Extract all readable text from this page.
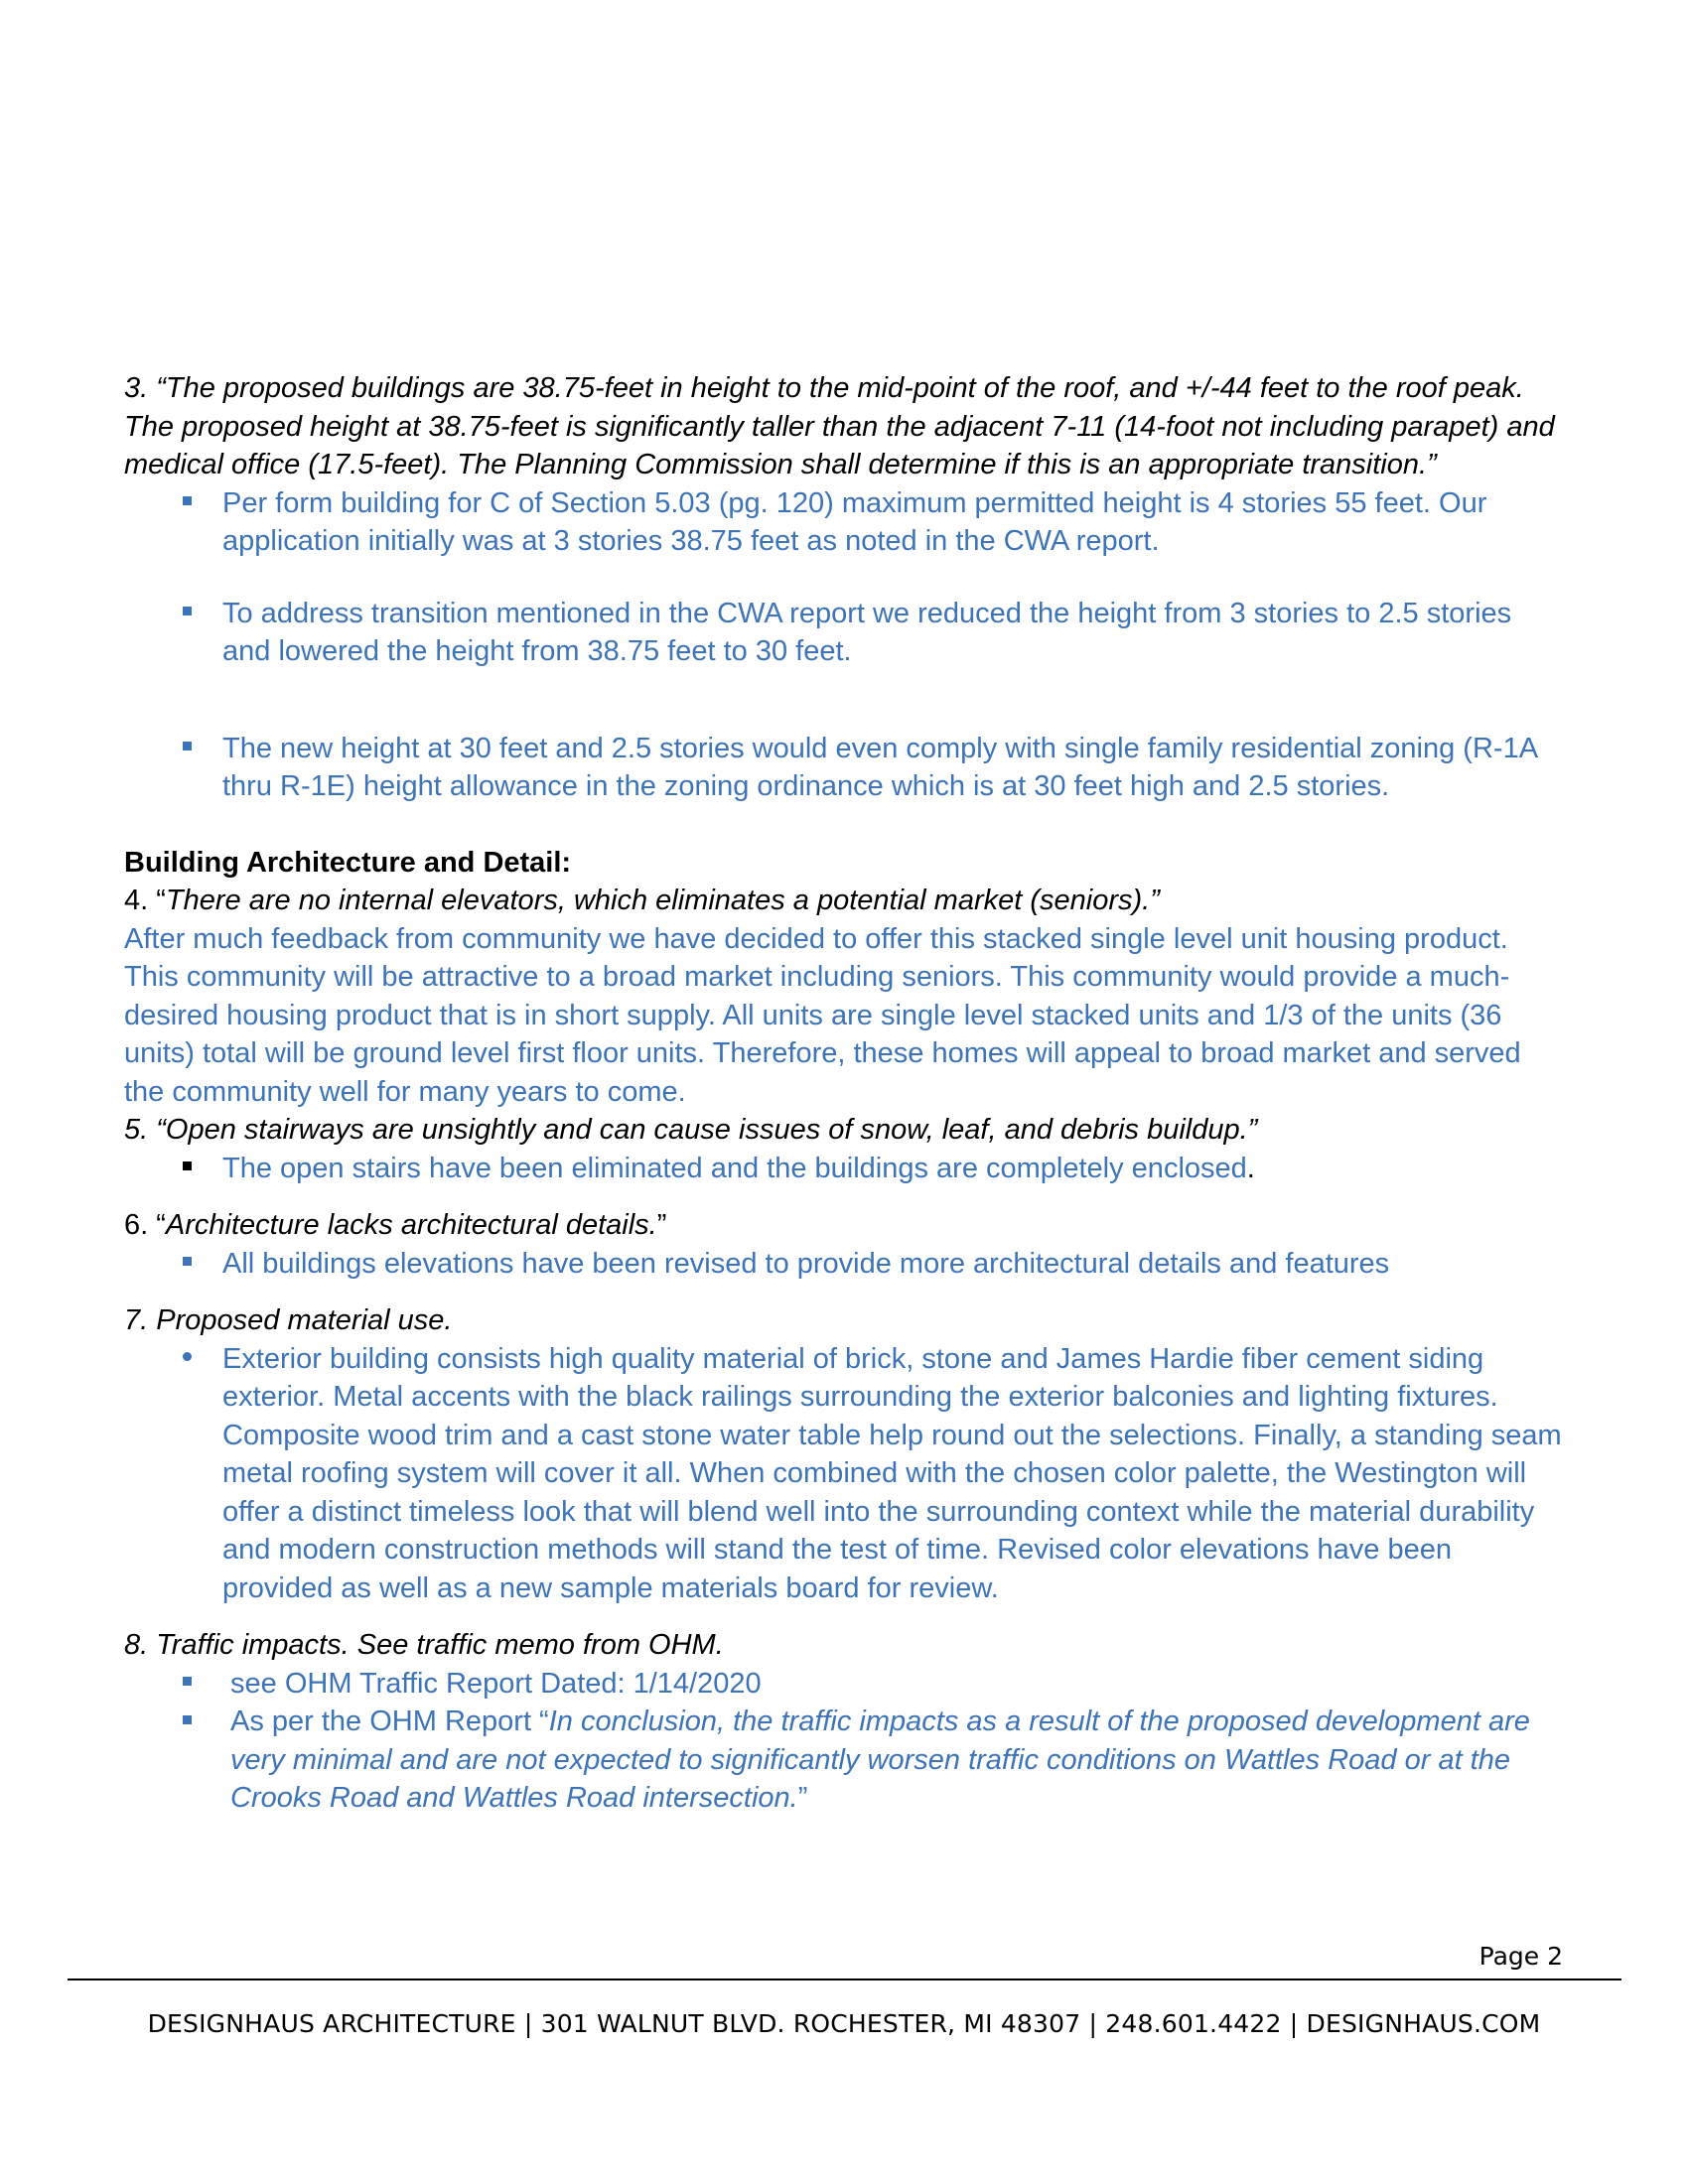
3. “The proposed buildings are 38.75-feet in height to the mid-point of the roof, and +/-44 feet to the roof peak. The proposed height at 38.75-feet is significantly taller than the adjacent 7-11 (14-foot not including parapet) and medical office (17.5-feet). The Planning Commission shall determine if this is an appropriate transition.”

Per form building for C of Section 5.03 (pg. 120) maximum permitted height is 4 stories 55 feet. Our application initially was at 3 stories 38.75 feet as noted in the CWA report.
To address transition mentioned in the CWA report we reduced the height from 3 stories to 2.5 stories and lowered the height from 38.75 feet to 30 feet.
The new height at 30 feet and 2.5 stories would even comply with single family residential zoning (R-1A thru R-1E) height allowance in the zoning ordinance which is at 30 feet high and 2.5 stories.

Building Architecture and Detail:

4. “There are no internal elevators, which eliminates a potential market (seniors).”

After much feedback from community we have decided to offer this stacked single level unit housing product. This community will be attractive to a broad market including seniors. This community would provide a much-desired housing product that is in short supply. All units are single level stacked units and 1/3 of the units (36 units) total will be ground level first floor units. Therefore, these homes will appeal to broad market and served the community well for many years to come.

5. “Open stairways are unsightly and can cause issues of snow, leaf, and debris buildup.”

The open stairs have been eliminated and the buildings are completely enclosed.

6. “Architecture lacks architectural details.”

All buildings elevations have been revised to provide more architectural details and features

7. Proposed material use.

Exterior building consists high quality material of brick, stone and James Hardie fiber cement siding exterior. Metal accents with the black railings surrounding the exterior balconies and lighting fixtures. Composite wood trim and a cast stone water table help round out the selections. Finally, a standing seam metal roofing system will cover it all. When combined with the chosen color palette, the Westington will offer a distinct timeless look that will blend well into the surrounding context while the material durability and modern construction methods will stand the test of time. Revised color elevations have been provided as well as a new sample materials board for review.

8. Traffic impacts. See traffic memo from OHM.

see OHM Traffic Report Dated: 1/14/2020
As per the OHM Report “In conclusion, the traffic impacts as a result of the proposed development are very minimal and are not expected to significantly worsen traffic conditions on Wattles Road or at the Crooks Road and Wattles Road intersection.”
Page 2
DESIGNHAUS ARCHITECTURE | 301 WALNUT BLVD. ROCHESTER, MI 48307 | 248.601.4422 | DESIGNHAUS.COM
